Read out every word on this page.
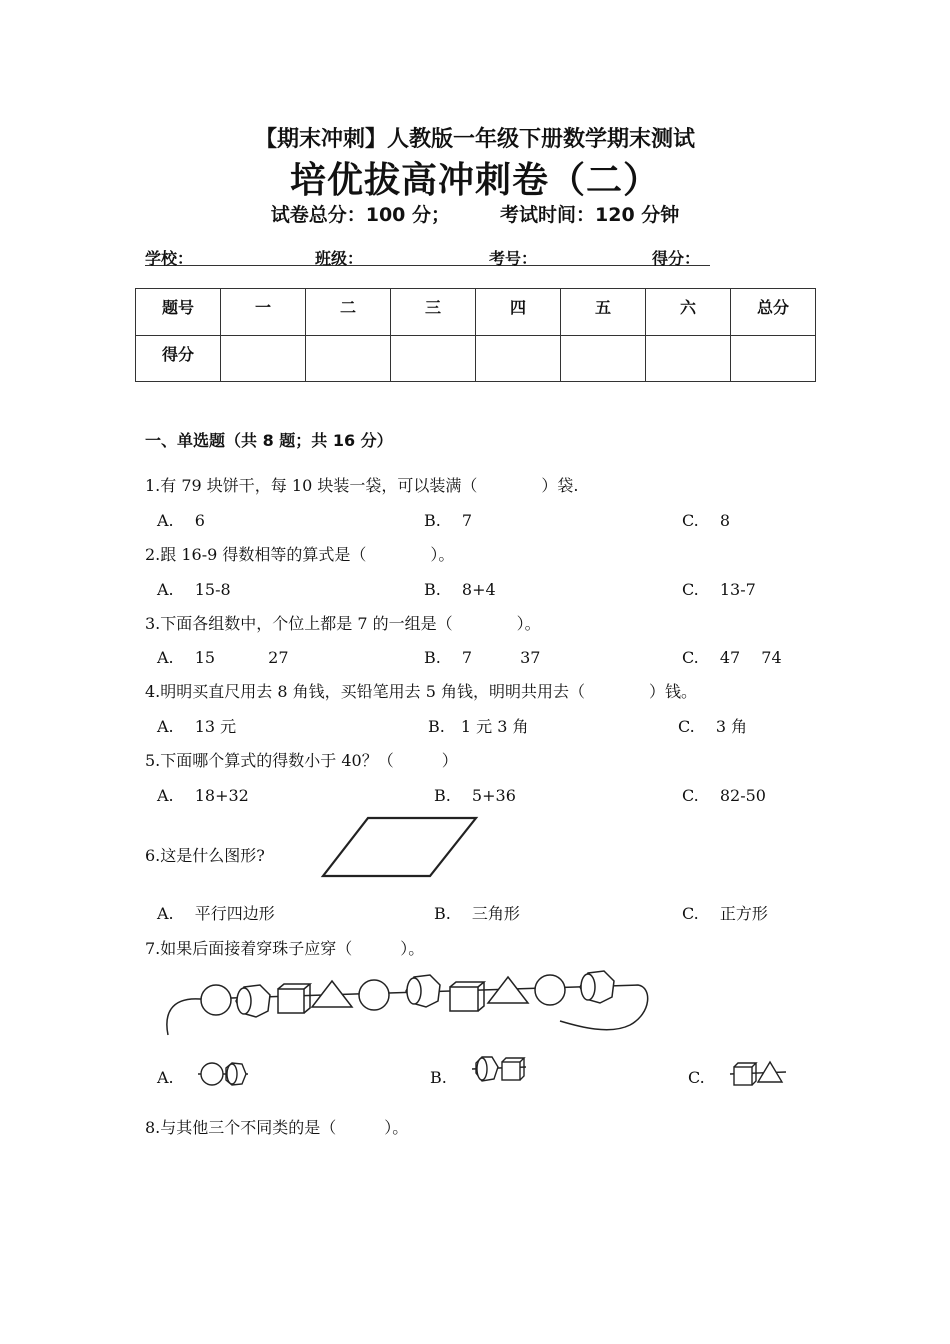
【期末冲刺】人教版一年级下册数学期末测试
培优拔高冲刺卷（二）
试卷总分：100 分；	考试时间：120 分钟
学校：	班级：	考号：	得分：
题号	一	二	三	四	五	六	总分
得分							
一、单选题（共 8 题；共 16 分）
1.有 79 块饼干，每 10 块装一袋，可以装满（　　　　）袋.
A.　 6	B.　 7	C.　 8
2.跟 16-9 得数相等的算式是（　　　　）。
A.　 15-8	B.　 8+4	C.　 13-7
3.下面各组数中，个位上都是 7 的一组是（　　　　）。
A.　 15　　　 27	B.　 7　　　37	C.　 47　 74
4.明明买直尺用去 8 角钱，买铅笔用去 5 角钱，明明共用去（　　　　）钱。
A.　 13 元	B.　1 元 3 角	C.　 3 角
5.下面哪个算式的得数小于 40？（　　　）
A.　 18+32	B.　 5+36	C.　 82-50
6.这是什么图形?
A.　 平行四边形	B.　 三角形	C.　 正方形
7.如果后面接着穿珠子应穿（　　　）。
A.	B.	C.
8.与其他三个不同类的是（　　　）。
